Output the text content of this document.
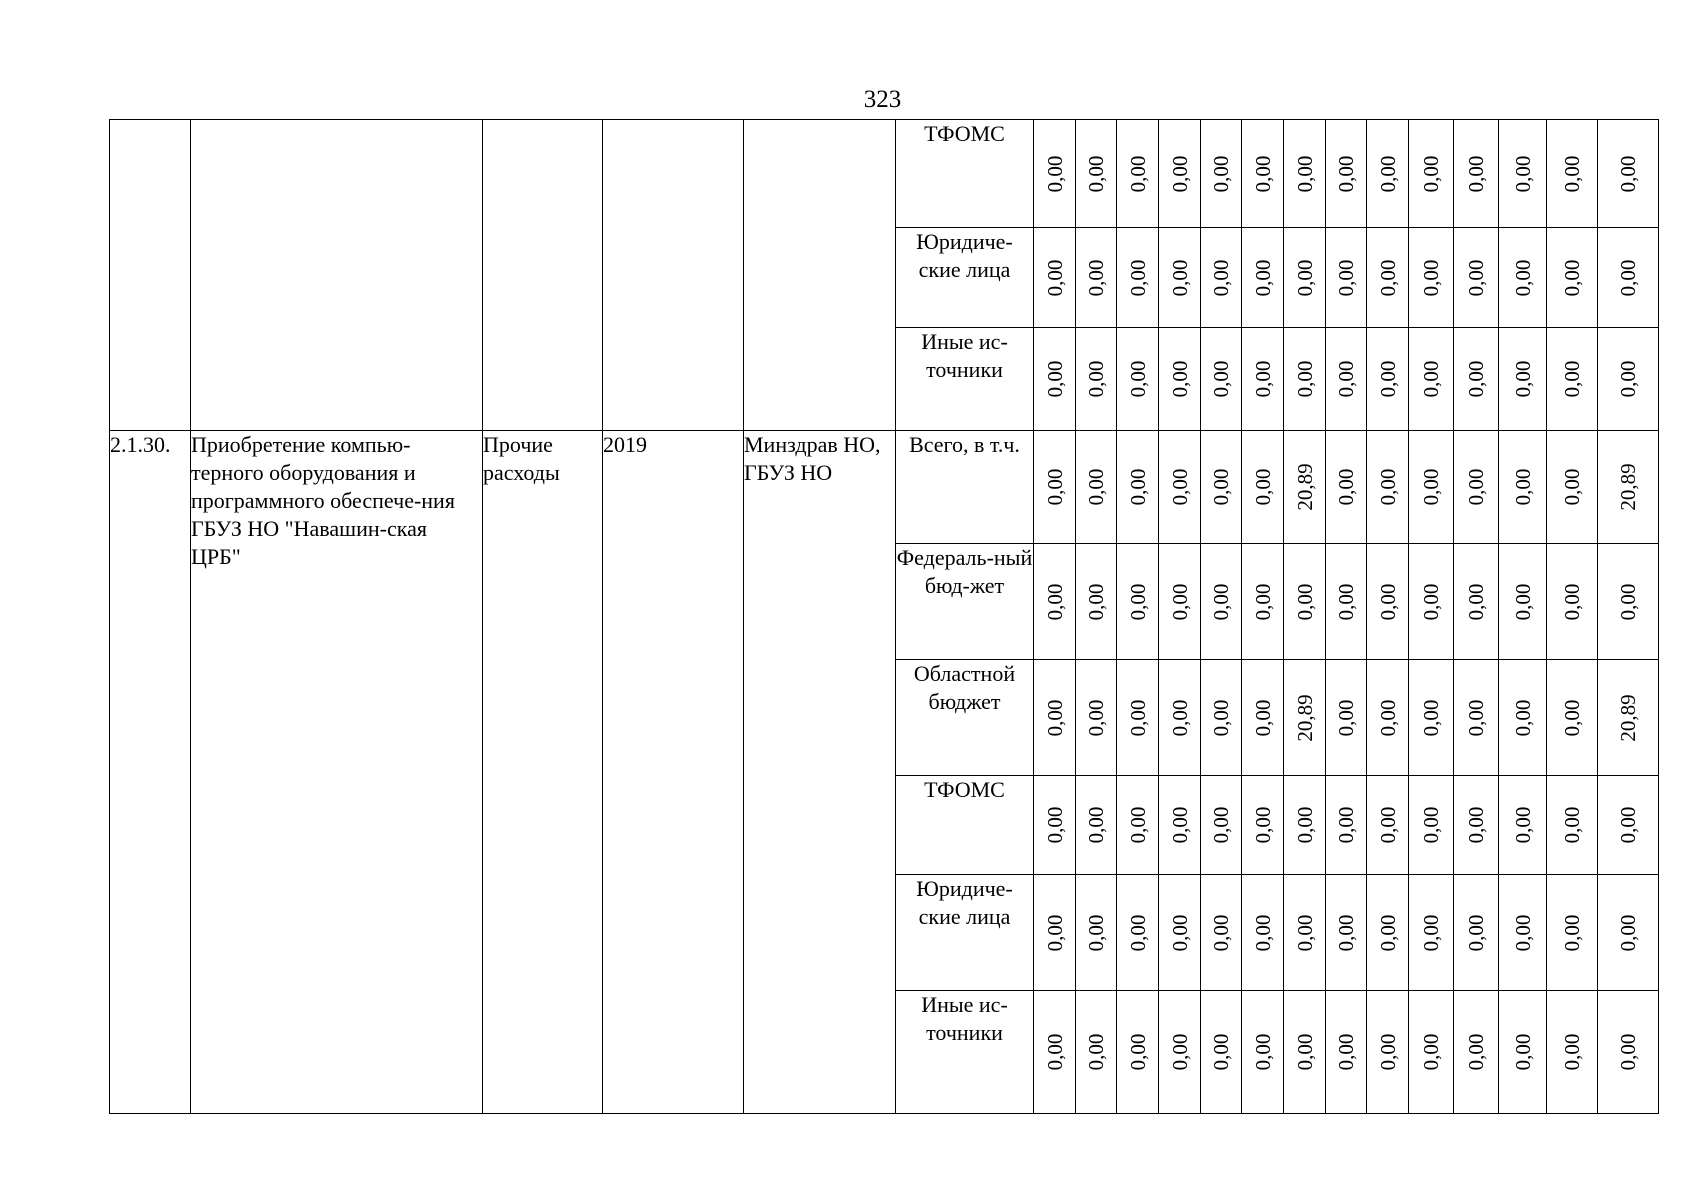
323

					ТФОМС	0,00	0,00	0,00	0,00	0,00	0,00	0,00	0,00	0,00	0,00	0,00	0,00	0,00	0,00

					Юридиче-ские лица	0,00	0,00	0,00	0,00	0,00	0,00	0,00	0,00	0,00	0,00	0,00	0,00	0,00	0,00

					Иные ис-точники	0,00	0,00	0,00	0,00	0,00	0,00	0,00	0,00	0,00	0,00	0,00	0,00	0,00	0,00

2.1.30.	Приобретение компью-терного оборудования и программного обеспече-ния ГБУЗ НО "Навашин-ская ЦРБ"	Прочие расходы	2019	Минздрав НО, ГБУЗ НО	Всего, в т.ч.	0,00	0,00	0,00	0,00	0,00	0,00	20,89	0,00	0,00	0,00	0,00	0,00	0,00	20,89

					Федераль-ный бюд-жет	0,00	0,00	0,00	0,00	0,00	0,00	0,00	0,00	0,00	0,00	0,00	0,00	0,00	0,00

					Областной бюджет	0,00	0,00	0,00	0,00	0,00	0,00	20,89	0,00	0,00	0,00	0,00	0,00	0,00	20,89

					ТФОМС	0,00	0,00	0,00	0,00	0,00	0,00	0,00	0,00	0,00	0,00	0,00	0,00	0,00	0,00

					Юридиче-ские лица	0,00	0,00	0,00	0,00	0,00	0,00	0,00	0,00	0,00	0,00	0,00	0,00	0,00	0,00

					Иные ис-точники	0,00	0,00	0,00	0,00	0,00	0,00	0,00	0,00	0,00	0,00	0,00	0,00	0,00	0,00
